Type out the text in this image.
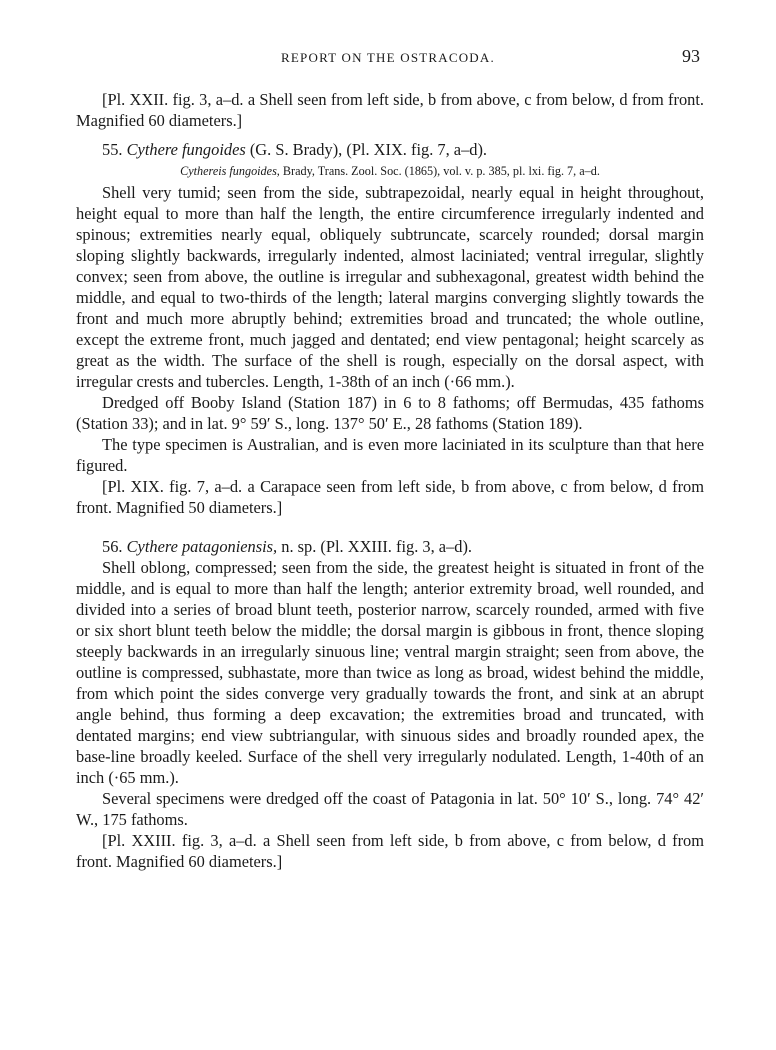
REPORT ON THE OSTRACODA.	93

[Pl. XXII. fig. 3, a–d. a Shell seen from left side, b from above, c from below, d from front. Magnified 60 diameters.]

55. Cythere fungoides (G. S. Brady), (Pl. XIX. fig. 7, a–d).

Cythereis fungoides, Brady, Trans. Zool. Soc. (1865), vol. v. p. 385, pl. lxi. fig. 7, a–d.

Shell very tumid; seen from the side, subtrapezoidal, nearly equal in height throughout, height equal to more than half the length, the entire circumference irregularly indented and spinous; extremities nearly equal, obliquely subtruncate, scarcely rounded; dorsal margin sloping slightly backwards, irregularly indented, almost laciniated; ventral irregular, slightly convex; seen from above, the outline is irregular and subhexagonal, greatest width behind the middle, and equal to two-thirds of the length; lateral margins converging slightly towards the front and much more abruptly behind; extremities broad and truncated; the whole outline, except the extreme front, much jagged and dentated; end view pentagonal; height scarcely as great as the width. The surface of the shell is rough, especially on the dorsal aspect, with irregular crests and tubercles. Length, 1-38th of an inch (·66 mm.).

Dredged off Booby Island (Station 187) in 6 to 8 fathoms; off Bermudas, 435 fathoms (Station 33); and in lat. 9° 59′ S., long. 137° 50′ E., 28 fathoms (Station 189).

The type specimen is Australian, and is even more laciniated in its sculpture than that here figured.

[Pl. XIX. fig. 7, a–d. a Carapace seen from left side, b from above, c from below, d from front. Magnified 50 diameters.]

56. Cythere patagoniensis, n. sp. (Pl. XXIII. fig. 3, a–d).

Shell oblong, compressed; seen from the side, the greatest height is situated in front of the middle, and is equal to more than half the length; anterior extremity broad, well rounded, and divided into a series of broad blunt teeth, posterior narrow, scarcely rounded, armed with five or six short blunt teeth below the middle; the dorsal margin is gibbous in front, thence sloping steeply backwards in an irregularly sinuous line; ventral margin straight; seen from above, the outline is compressed, subhastate, more than twice as long as broad, widest behind the middle, from which point the sides converge very gradually towards the front, and sink at an abrupt angle behind, thus forming a deep excavation; the extremities broad and truncated, with dentated margins; end view subtriangular, with sinuous sides and broadly rounded apex, the base-line broadly keeled. Surface of the shell very irregularly nodulated. Length, 1-40th of an inch (·65 mm.).

Several specimens were dredged off the coast of Patagonia in lat. 50° 10′ S., long. 74° 42′ W., 175 fathoms.

[Pl. XXIII. fig. 3, a–d. a Shell seen from left side, b from above, c from below, d from front. Magnified 60 diameters.]
